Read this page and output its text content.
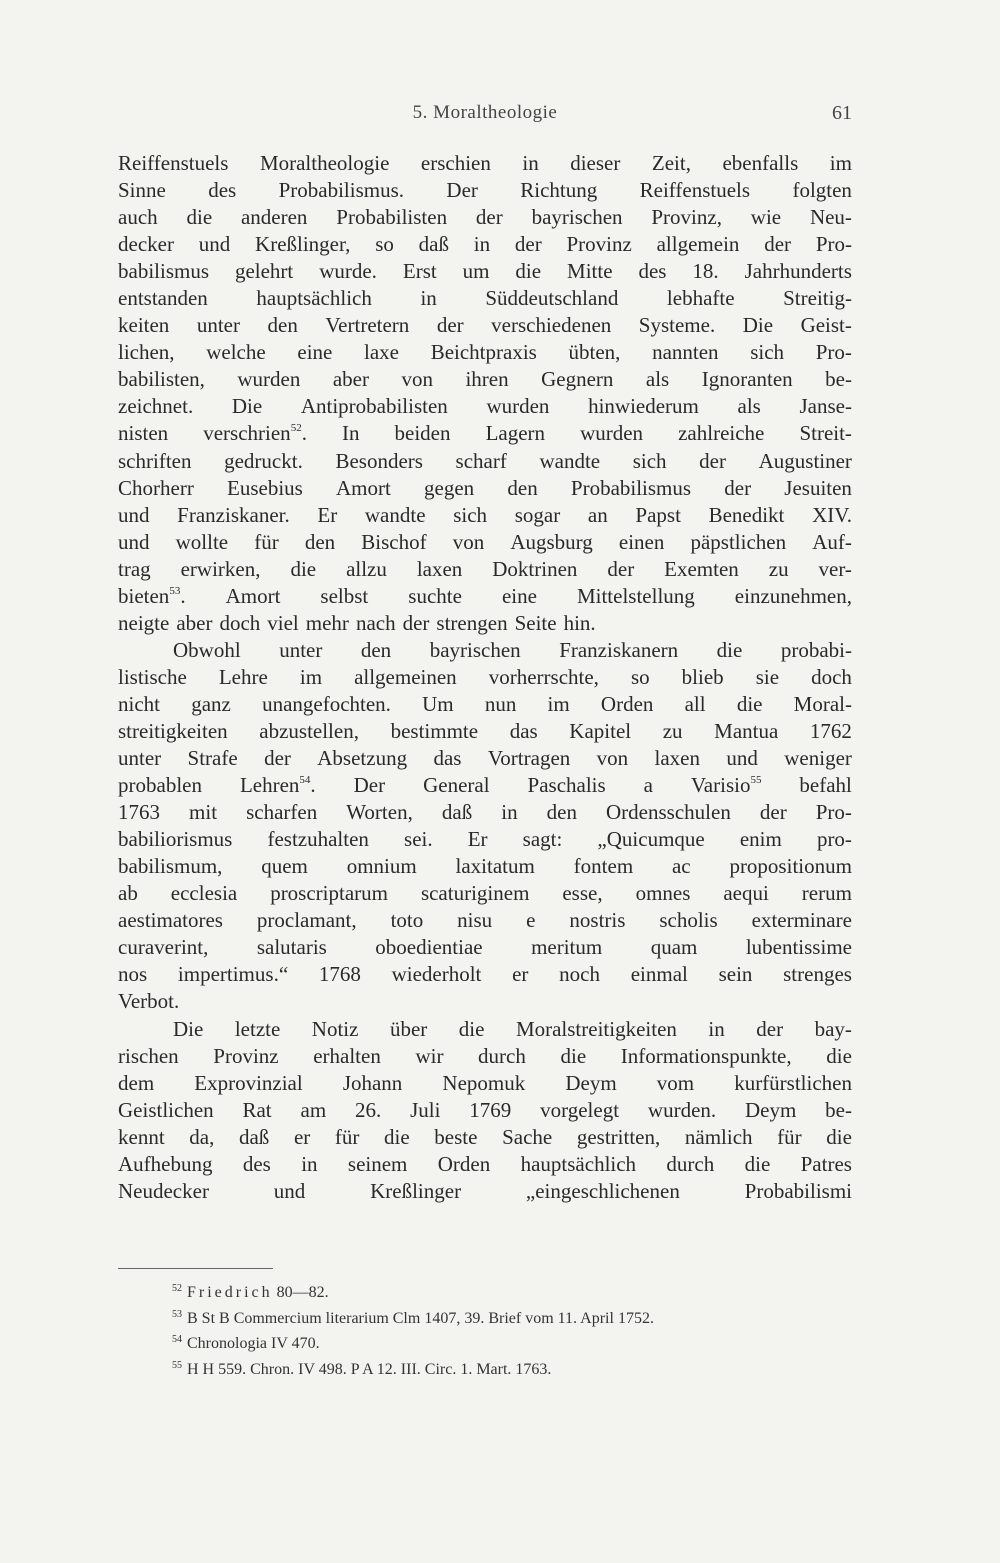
5. Moraltheologie	61
Reiffenstuels Moraltheologie erschien in dieser Zeit, ebenfalls im
Sinne des Probabilismus. Der Richtung Reiffenstuels folgten
auch die anderen Probabilisten der bayrischen Provinz, wie Neu-
decker und Kreßlinger, so daß in der Provinz allgemein der Pro-
babilismus gelehrt wurde. Erst um die Mitte des 18. Jahrhunderts
entstanden hauptsächlich in Süddeutschland lebhafte Streitig-
keiten unter den Vertretern der verschiedenen Systeme. Die Geist-
lichen, welche eine laxe Beichtpraxis übten, nannten sich Pro-
babilisten, wurden aber von ihren Gegnern als Ignoranten be-
zeichnet. Die Antiprobabilisten wurden hinwiederum als Janse-
nisten verschrien$^{52}$. In beiden Lagern wurden zahlreiche Streit-
schriften gedruckt. Besonders scharf wandte sich der Augustiner
Chorherr Eusebius Amort gegen den Probabilismus der Jesuiten
und Franziskaner. Er wandte sich sogar an Papst Benedikt XIV.
und wollte für den Bischof von Augsburg einen päpstlichen Auf-
trag erwirken, die allzu laxen Doktrinen der Exemten zu ver-
bieten$^{53}$. Amort selbst suchte eine Mittelstellung einzunehmen,
neigte aber doch viel mehr nach der strengen Seite hin.
Obwohl unter den bayrischen Franziskanern die probabi-
listische Lehre im allgemeinen vorherrschte, so blieb sie doch
nicht ganz unangefochten. Um nun im Orden all die Moral-
streitigkeiten abzustellen, bestimmte das Kapitel zu Mantua 1762
unter Strafe der Absetzung das Vortragen von laxen und weniger
probablen Lehren$^{54}$. Der General Paschalis a Varisio$^{55}$ befahl
1763 mit scharfen Worten, daß in den Ordensschulen der Pro-
babiliorismus festzuhalten sei. Er sagt: „Quicumque enim pro-
babilismum, quem omnium laxitatum fontem ac propositionum
ab ecclesia proscriptarum scaturiginem esse, omnes aequi rerum
aestimatores proclamant, toto nisu e nostris scholis exterminare
curaverint, salutaris oboedientiae meritum quam lubentissime
nos impertimus.“ 1768 wiederholt er noch einmal sein strenges
Verbot.
Die letzte Notiz über die Moralstreitigkeiten in der bay-
rischen Provinz erhalten wir durch die Informationspunkte, die
dem Exprovinzial Johann Nepomuk Deym vom kurfürstlichen
Geistlichen Rat am 26. Juli 1769 vorgelegt wurden. Deym be-
kennt da, daß er für die beste Sache gestritten, nämlich für die
Aufhebung des in seinem Orden hauptsächlich durch die Patres
Neudecker	und	Kreßlinger	„eingeschlichenen	Probabilismi
$^{52}$ Friedrich 80—82.
$^{53}$ B St B Commercium literarium Clm 1407, 39. Brief vom 11. April 1752.
$^{54}$ Chronologia IV 470.
$^{55}$ H H 559. Chron. IV 498. P A 12. III. Circ. 1. Mart. 1763.
